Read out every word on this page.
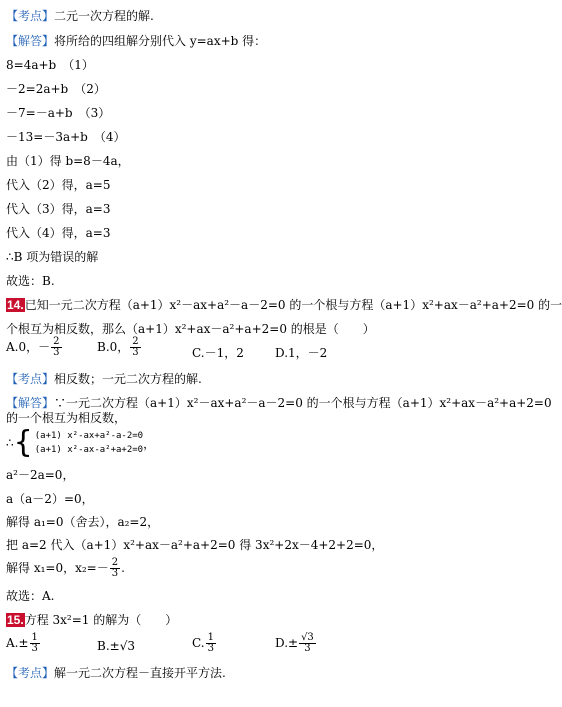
【考点】二元一次方程的解.
【解答】将所给的四组解分别代入 y=ax+b 得：
8=4a+b　（1）
－2=2a+b　（2）
－7=－a+b　（3）
－13=－3a+b　（4）
由（1）得 b=8－4a，
代入（2）得，a=5
代入（3）得，a=3
代入（4）得，a=3
∴B 项为错误的解
故选：B.
14.已知一元二次方程（a+1）x²－ax+a²－a－2=0 的一个根与方程（a+1）x²+ax－a²+a+2=0 的一
个根互为相反数，那么（a+1）x²+ax－a²+a+2=0 的根是（　　）
A.0，－ $\frac{2}{3}$	B.0， $\frac{2}{3}$	C.－1，2	D.1，－2
【考点】相反数；一元二次方程的解.
【解答】∵一元二次方程（a+1）x²－ax+a²－a－2=0 的一个根与方程（a+1）x²+ax－a²+a+2=0
的一个根互为相反数，
∴ { (a+1) x²-ax+a²-a-2=0
(a+1) x²-ax-a²+a+2=0 ，
a²－2a=0，
a（a－2）=0，
解得 a₁=0（舍去），a₂=2，
把 a=2 代入（a+1）x²+ax－a²+a+2=0 得 3x²+2x－4+2+2=0，
解得 x₁=0，$x_2=- \frac{2}{3}$ .
故选：A.
15.方程 3x²=1 的解为（　　）
$A.\pm \frac{1}{3}$	B.±√3	C. $\frac{1}{3}$	$D.\pm \frac{√3}{3}$
【考点】解一元二次方程－直接开平方法.
